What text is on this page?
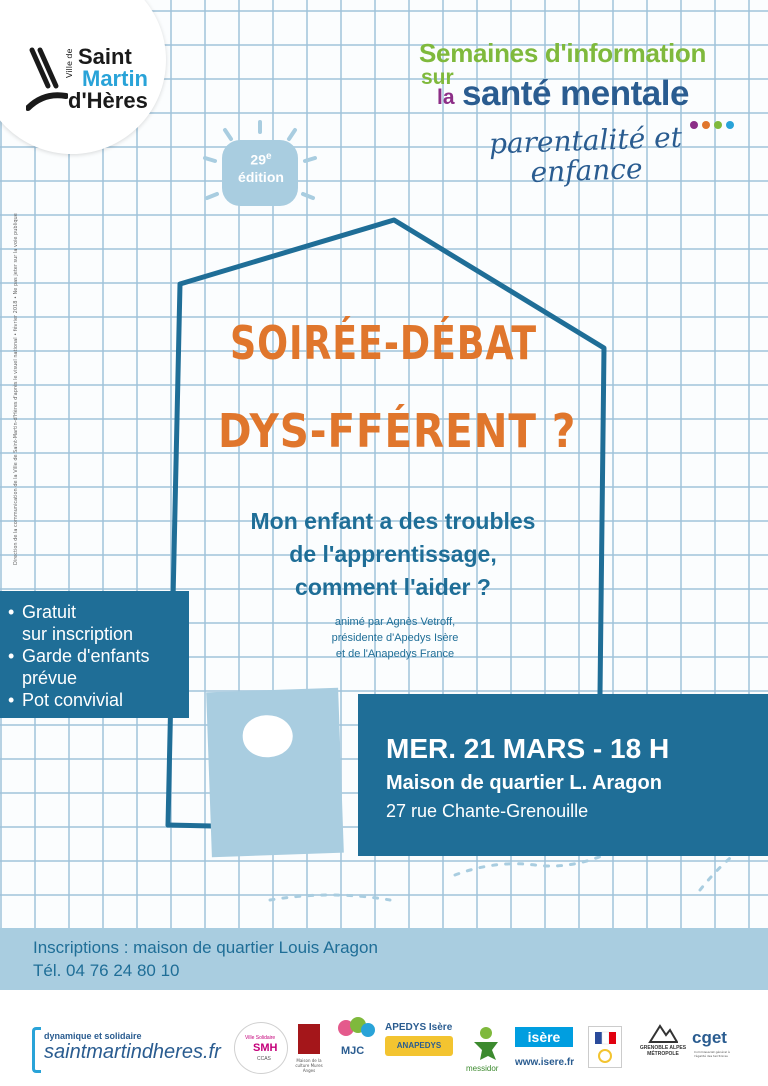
Ville de Saint
Martin
d'Hères
Semaines d'information
sur
la santé mentale
parentalité et enfance
29e
édition
Direction de la communication de la Ville de Saint-Martin-d'Hères d'après le visuel national • février 2018 • Ne pas jeter sur la voie publique	SOIRÉE-DÉBAT
DYS-FFÉRENT ?
Mon enfant a des troubles
de l'apprentissage,
comment l'aider ?
animé par Agnès Vetroff,
présidente d'Apedys Isère
et de l'Anapedys France
• Gratuit
sur inscription
• Garde d'enfants
prévue
• Pot convivial
MER. 21 MARS - 18 H
Maison de quartier L. Aragon
27 rue Chante-Grenouille
Inscriptions : maison de quartier Louis Aragon
Tél. 04 76 24 80 10
dynamique et solidaire
saintmartindheres.fr
Ville Solidaire
SMH
CCAS	Maison de la culture Mures Anges
MJC
APEDYS Isère
ANAPEDYS
messidor
isère
www.isere.fr
GRENOBLE ALPES MÉTROPOLE
cget
Commissariat général à l'égalité des territoires
